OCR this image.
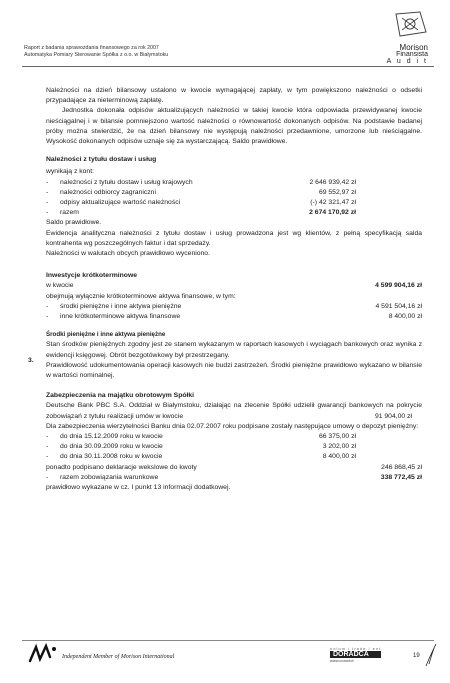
Raport z badania sprawozdania finansowego za rok 2007
Automatyka Pomiary Sterowanie Spółka z o.o. w Białymstoku
Morison
Finansista
A u d i t
3.

Należności na dzień bilansowy ustalono w kwocie wymagającej zapłaty, w tym powiększono należności o odsetki przypadające za nieterminową zapłatę.

Jednostka dokonała odpisów aktualizujących należności w takiej kwocie która odpowiada przewidywanej kwocie nieściągalnej i w bilansie pomniejszono wartość należności o równowartość dokonanych odpisów. Na podstawie badanej próby można stwierdzić, że na dzień bilansowy nie występują należności przedawnione, umorzone lub nieściągalne. Wysokość dokonanych odpisów uznaje się za wystarczającą. Saldo prawidłowe.

Należności z tytułu dostaw i usług

wynikają z kont:

-	należności z tytułu dostaw i usług krajowych	2 646 939,42 zł
-	należności odbiorcy zagraniczni	69 552,97 zł
-	odpisy aktualizujące wartość należności	(-) 42 321,47 zł
-	razem	2 674 170,92 zł

Saldo prawidłowe.

Ewidencja analityczna należności z tytułu dostaw i usług prowadzona jest wg klientów, z pełną specyfikacją salda kontrahenta wg poszczególnych faktur i dat sprzedaży.

Należności w walutach obcych prawidłowo wyceniono.

Inwestycje krótkoterminowe

w kwocie	4 599 904,16 zł

obejmują wyłącznie krótkoterminowe aktywa finansowe, w tym:

-	środki pieniężne i inne aktywa pieniężne	4 591 504,16 zł
-	inne krótkoterminowe aktywa finansowe	8 400,00 zł

Środki pieniężne i inne aktywa pieniężne

Stan środków pieniężnych zgodny jest ze stanem wykazanym w raportach kasowych i wyciągach bankowych oraz wynika z ewidencji księgowej. Obrót bezgotówkowy był przestrzegany.

Prawidłowość udokumentowania operacji kasowych nie budzi zastrzeżeń. Środki pieniężne prawidłowo wykazano w bilansie w wartości nominalnej.

Zabezpieczenia na majątku obrotowym Spółki

Deutsche Bank PBC S.A. Oddział w Białymstoku, działając na zlecenie Spółki udzielił gwarancji bankowych na pokrycie zobowiązań z tytułu realizacji umów w kwocie	91 904,00 zł

Dla zabezpieczenia wierzytelności Banku dnia 02.07.2007 roku podpisane zostały następujące umowy o depozyt pieniężny:

-	do dnia 15.12.2009 roku w kwocie	66 375,00 zł
-	do dnia 30.09.2009 roku w kwocie	3 202,00 zł
-	do dnia 30.11.2008 roku w kwocie	8 400,00 zł
ponadto podpisano deklaracje wekslowe do kwoty	246 868,45 zł
-	razem zobowiązania warunkowe	338 772,45 zł

prawidłowo wykazane w cz. I punkt 13 informacji dodatkowej.

Independent Member of Morison International
nolom / trade / ent
DORADCA
www.connect
19
